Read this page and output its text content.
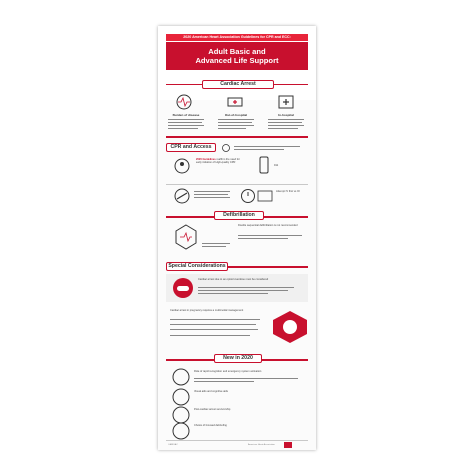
2020 American Heart Association Guidelines for CPR and ECC:
Adult Basic and
Advanced Life Support
Cardiac Arrest
Burden of disease	Out-of-hospital	In-hospital
CPR and Access
2020 Guidelines reaffirm the need for early initiation of High-quality CPR
911
Attempt IV first vs IO
Defibrillation
Double sequential defibrillation is not recommended
Special Considerations
Cardiac arrest due to an opioid overdose must be considered
Cardiac arrest in pregnancy requires a multimodal management
New in 2020
Role of rapid recognition and emergency system activation
Visual aids and cognitive aids
Post-cardiac arrest survivorship
Choice of focused debriefing
CARDIAC	American Heart Association
